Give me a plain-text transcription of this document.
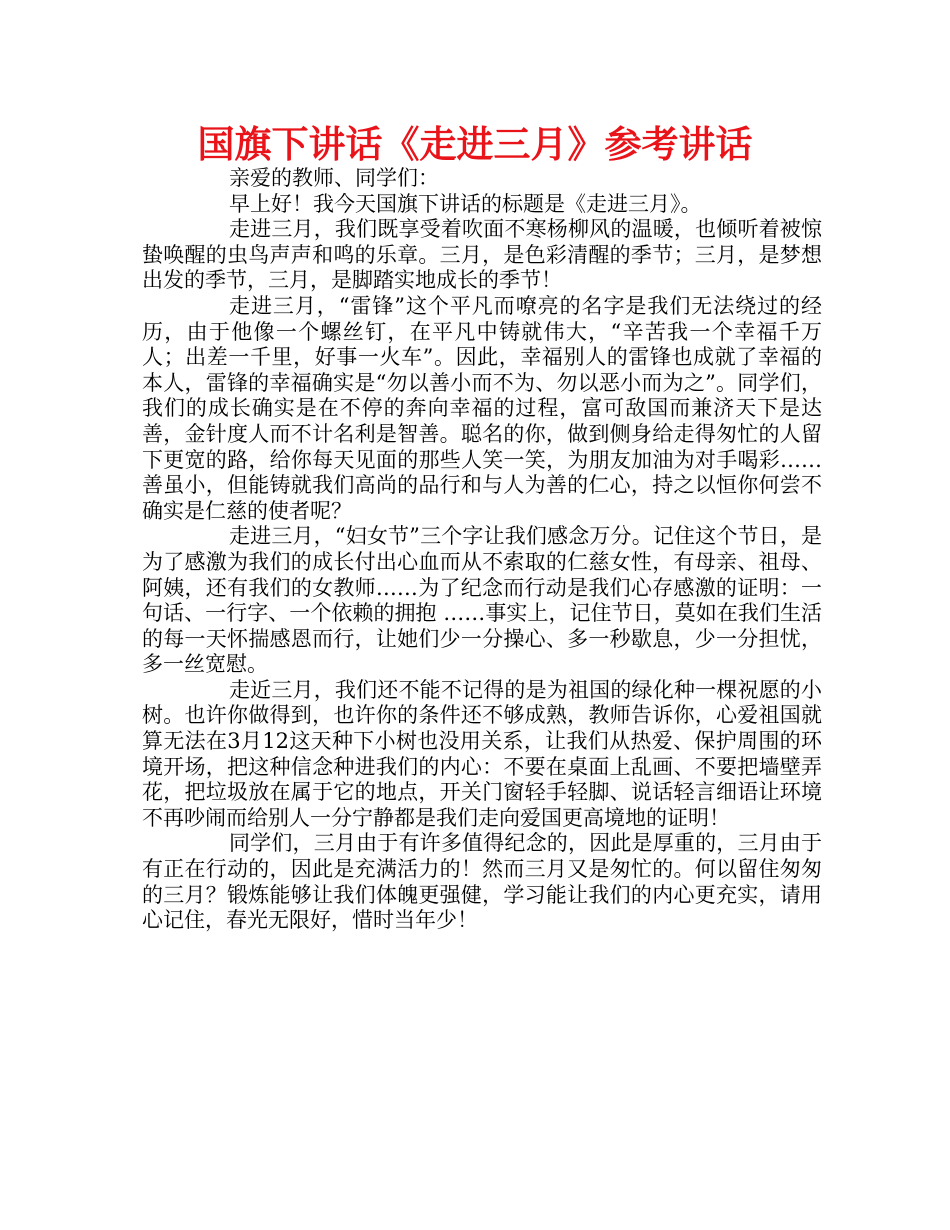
国旗下讲话《走进三月》参考讲话

亲爱的教师、同学们：

早上好！我今天国旗下讲话的标题是《走进三月》。

走进三月，我们既享受着吹面不寒杨柳风的温暖，也倾听着被惊蛰唤醒的虫鸟声声和鸣的乐章。三月，是色彩清醒的季节；三月，是梦想出发的季节，三月，是脚踏实地成长的季节！

走进三月，“雷锋”这个平凡而嘹亮的名字是我们无法绕过的经历，由于他像一个螺丝钉，在平凡中铸就伟大，“辛苦我一个幸福千万人；出差一千里，好事一火车”。因此，幸福别人的雷锋也成就了幸福的本人，雷锋的幸福确实是“勿以善小而不为、勿以恶小而为之”。同学们，我们的成长确实是在不停的奔向幸福的过程，富可敌国而兼济天下是达善，金针度人而不计名利是智善。聪名的你，做到侧身给走得匆忙的人留下更宽的路，给你每天见面的那些人笑一笑，为朋友加油为对手喝彩……善虽小，但能铸就我们高尚的品行和与人为善的仁心，持之以恒你何尝不确实是仁慈的使者呢？

走进三月，“妇女节”三个字让我们感念万分。记住这个节日，是为了感激为我们的成长付出心血而从不索取的仁慈女性，有母亲、祖母、阿姨，还有我们的女教师……为了纪念而行动是我们心存感激的证明：一句话、一行字、一个依赖的拥抱 ……事实上，记住节日，莫如在我们生活的每一天怀揣感恩而行，让她们少一分操心、多一秒歇息，少一分担忧，多一丝宽慰。

走近三月，我们还不能不记得的是为祖国的绿化种一棵祝愿的小树。也许你做得到，也许你的条件还不够成熟，教师告诉你，心爱祖国就算无法在3月12这天种下小树也没用关系，让我们从热爱、保护周围的环境开场，把这种信念种进我们的内心：不要在桌面上乱画、不要把墙壁弄花，把垃圾放在属于它的地点，开关门窗轻手轻脚、说话轻言细语让环境不再吵闹而给别人一分宁静都是我们走向爱国更高境地的证明！

同学们，三月由于有许多值得纪念的，因此是厚重的，三月由于有正在行动的，因此是充满活力的！然而三月又是匆忙的。何以留住匆匆的三月？锻炼能够让我们体魄更强健，学习能让我们的内心更充实，请用心记住，春光无限好，惜时当年少！
